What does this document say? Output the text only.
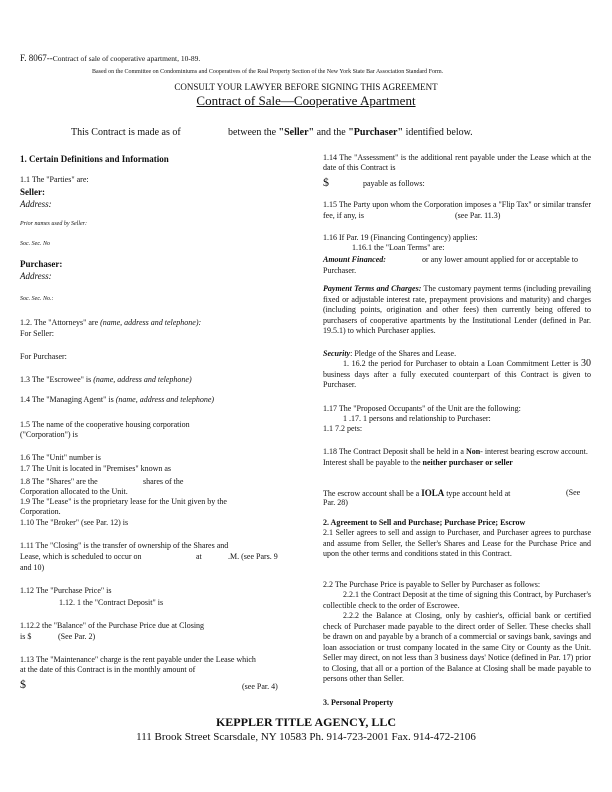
F. 8067--Contract of sale of cooperative apartment, 10-89.
Based on the Committee on Condominiums and Cooperatives of the Real Property Section of the New York State Bar Association Standard Form.
CONSULT YOUR LAWYER BEFORE SIGNING THIS AGREEMENT
Contract of Sale—Cooperative Apartment
This Contract is made as of	between the "Seller" and the "Purchaser" identified below.
1. Certain Definitions and Information
1.1 The "Parties" are:
Seller:
Address:
Prior names used by Seller:
Soc. Sec. No
Purchaser:
Address:
Soc. Sec. No.:
1.2. The "Attorneys" are (name, address and telephone):
For Seller:
For Purchaser:
1.3 The "Escrowee" is (name, address and telephone)
1.4 The "Managing Agent" is (name, address and telephone)
1.5 The name of the cooperative housing corporation
("Corporation") is
1.6 The "Unit" number is
1.7 The Unit is located in "Premises" known as
1.8 The "Shares" are the	shares of the
Corporation allocated to the Unit.
1.9 The "Lease" is the proprietary lease for the Unit given by the
Corporation.
1.10 The "Broker" (see Par. 12) is
1.11 The "Closing" is the transfer of ownership of the Shares and
Lease, which is scheduled to occur on	at	.M. (see Pars. 9
and 10)
1.12 The "Purchase Price" is
1.12. 1 the "Contract Deposit" is
1.12.2 the "Balance" of the Purchase Price due at Closing
is $	(See Par. 2)
1.13 The "Maintenance" charge is the rent payable under the Lease which
at the date of this Contract is in the monthly amount of
$	(see Par. 4)
1.14 The "Assessment" is the additional rent payable under the Lease which at the date of this Contract is
$	payable as follows:
1.15 The Party upon whom the Corporation imposes a "Flip Tax" or similar transfer fee, if any, is	(see Par. 11.3)
1.16 If Par. 19 (Financing Contingency) applies:
1.16.1 the "Loan Terms" are:
Amount Financed:	or any lower amount applied for or acceptable to Purchaser.
Payment Terms and Charges: The customary payment terms (including prevailing fixed or adjustable interest rate, prepayment provisions and maturity) and charges (including points, origination and other fees) then currently being offered to purchasers of cooperative apartments by the Institutional Lender (defined in Par. 19.5.1) to which Purchaser applies.
Security: Pledge of the Shares and Lease.
1. 16.2 the period for Purchaser to obtain a Loan Commitment Letter is 30 business days after a fully executed counterpart of this Contract is given to Purchaser.
1.17 The "Proposed Occupants" of the Unit are the following:
1 .17. 1 persons and relationship to Purchaser:
1.1 7.2 pets:
1.18 The Contract Deposit shall be held in a Non- interest bearing escrow account. Interest shall be payable to the neither purchaser or seller
The escrow account shall be a IOLA type account held at	(See
Par. 28)
2. Agreement to Sell and Purchase; Purchase Price; Escrow
2.1 Seller agrees to sell and assign to Purchaser, and Purchaser agrees to purchase and assume from Seller, the Seller's Shares and Lease for the Purchase Price and upon the other terms and conditions stated in this Contract.
2.2 The Purchase Price is payable to Seller by Purchaser as follows:
2.2.1 the Contract Deposit at the time of signing this Contract, by Purchaser's collectible check to the order of Escrowee.
2.2.2 the Balance at Closing, only by cashier's, official bank or certified check of Purchaser made payable to the direct order of Seller. These checks shall be drawn on and payable by a branch of a commercial or savings bank, savings and loan association or trust company located in the same City or County as the Unit. Seller may direct, on not less than 3 business days' Notice (defined in Par. 17) prior to Closing, that all or a portion of the Balance at Closing shall be made payable to persons other than Seller.
3. Personal Property
KEPPLER TITLE AGENCY, LLC
111 Brook Street Scarsdale, NY 10583 Ph. 914-723-2001 Fax. 914-472-2106
